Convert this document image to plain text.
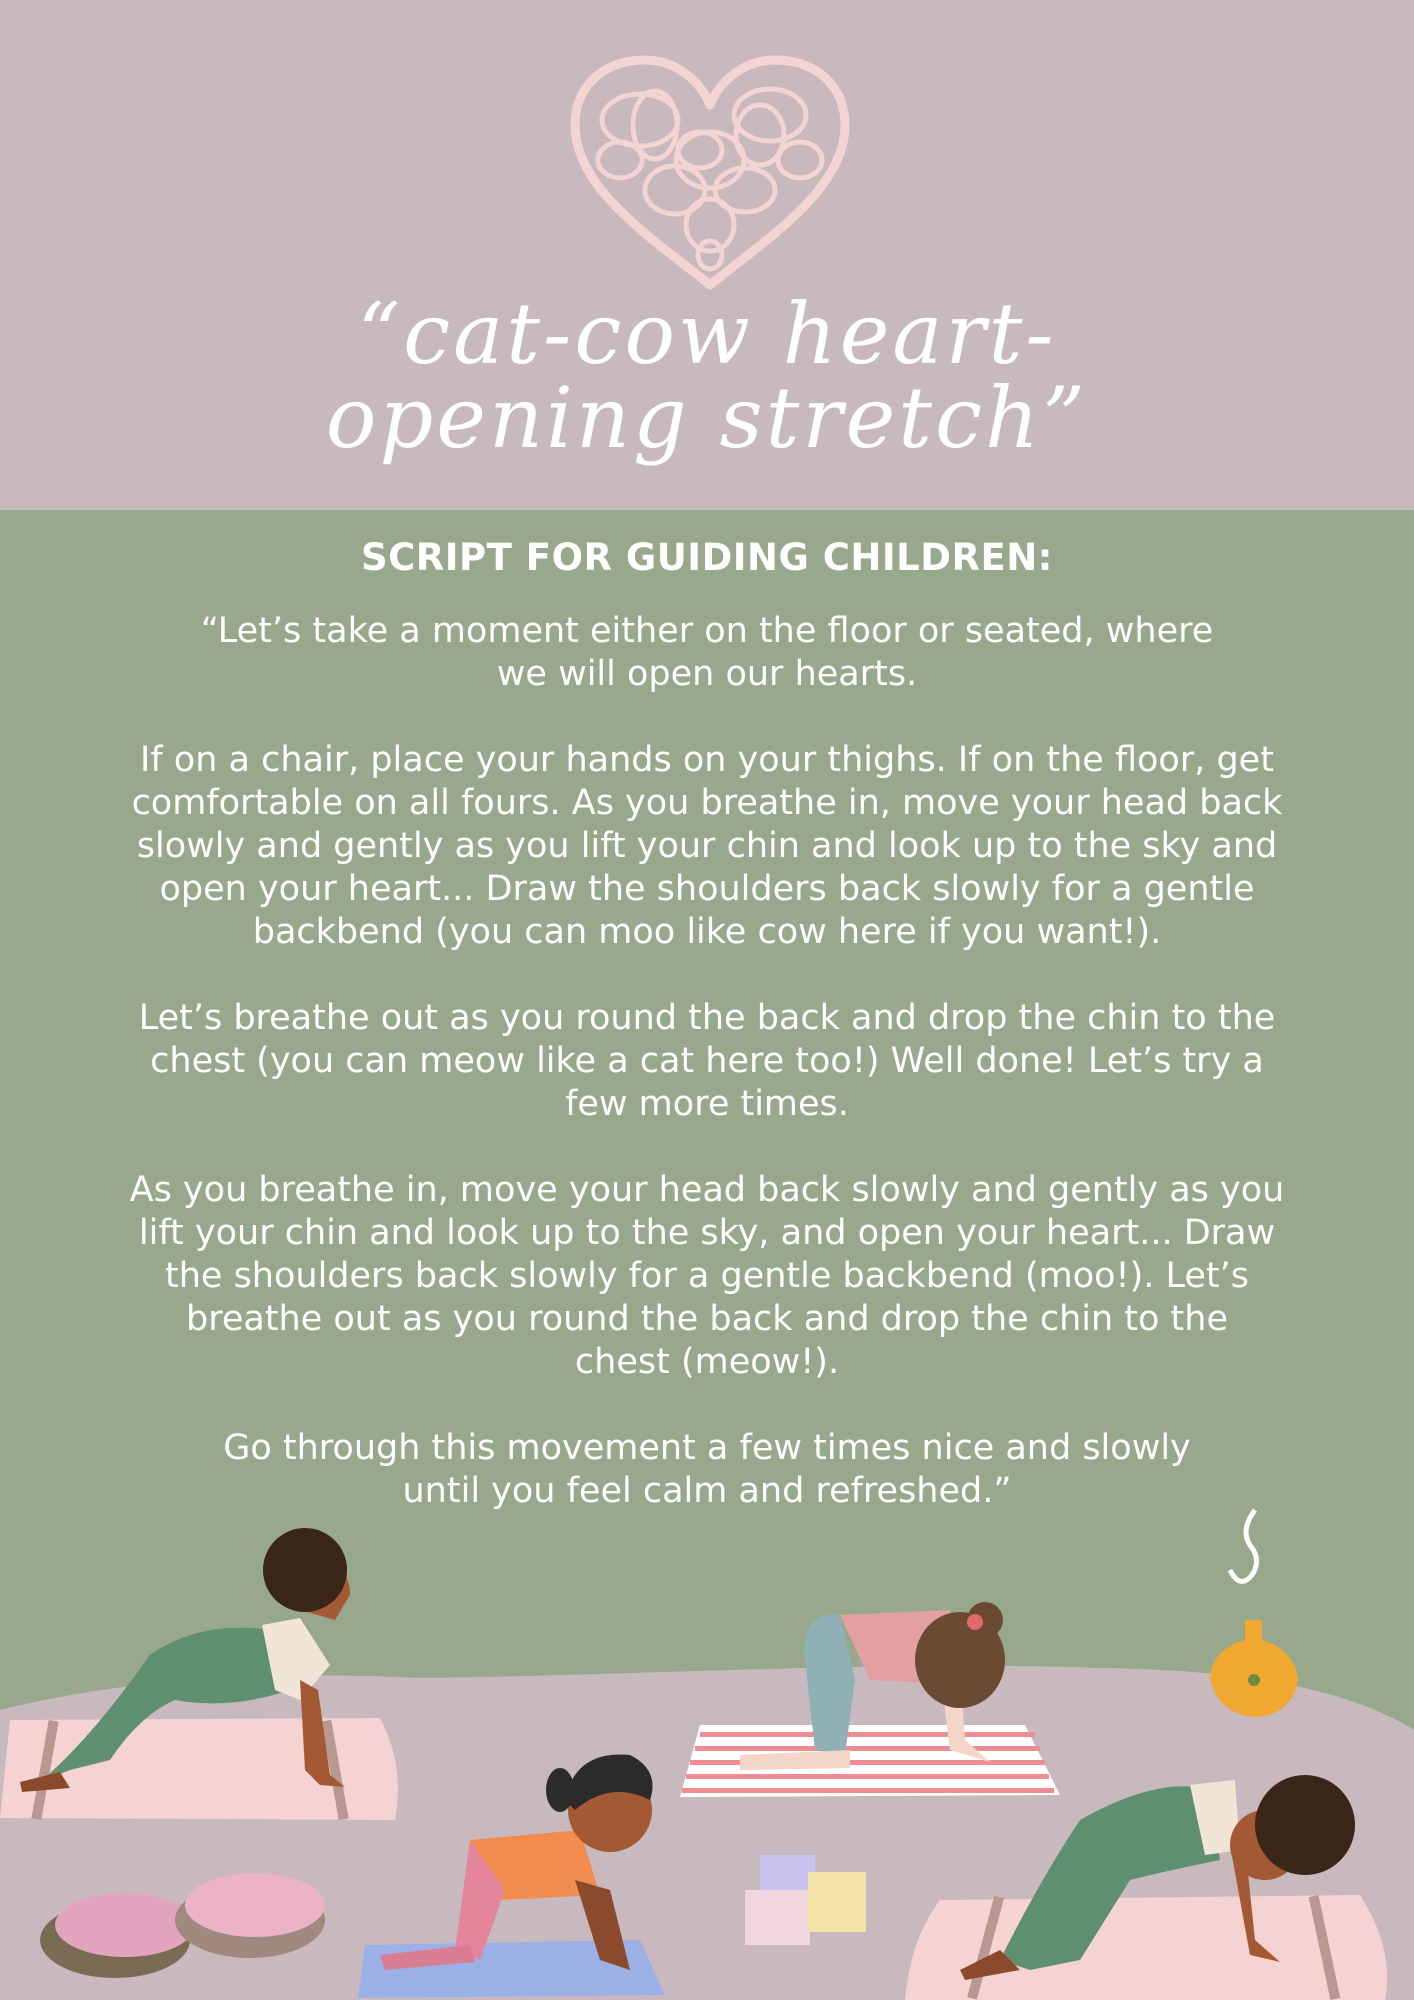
“cat-cow heart-
opening stretch”
SCRIPT FOR GUIDING CHILDREN:

“Let’s take a moment either on the floor or seated, where
we will open our hearts.

If on a chair, place your hands on your thighs. If on the floor, get
comfortable on all fours. As you breathe in, move your head back
slowly and gently as you lift your chin and look up to the sky and
open your heart... Draw the shoulders back slowly for a gentle
backbend (you can moo like cow here if you want!).

Let’s breathe out as you round the back and drop the chin to the
chest (you can meow like a cat here too!) Well done! Let’s try a
few more times.

As you breathe in, move your head back slowly and gently as you
lift your chin and look up to the sky, and open your heart... Draw
the shoulders back slowly for a gentle backbend (moo!). Let’s
breathe out as you round the back and drop the chin to the
chest (meow!).

Go through this movement a few times nice and slowly
until you feel calm and refreshed.”
